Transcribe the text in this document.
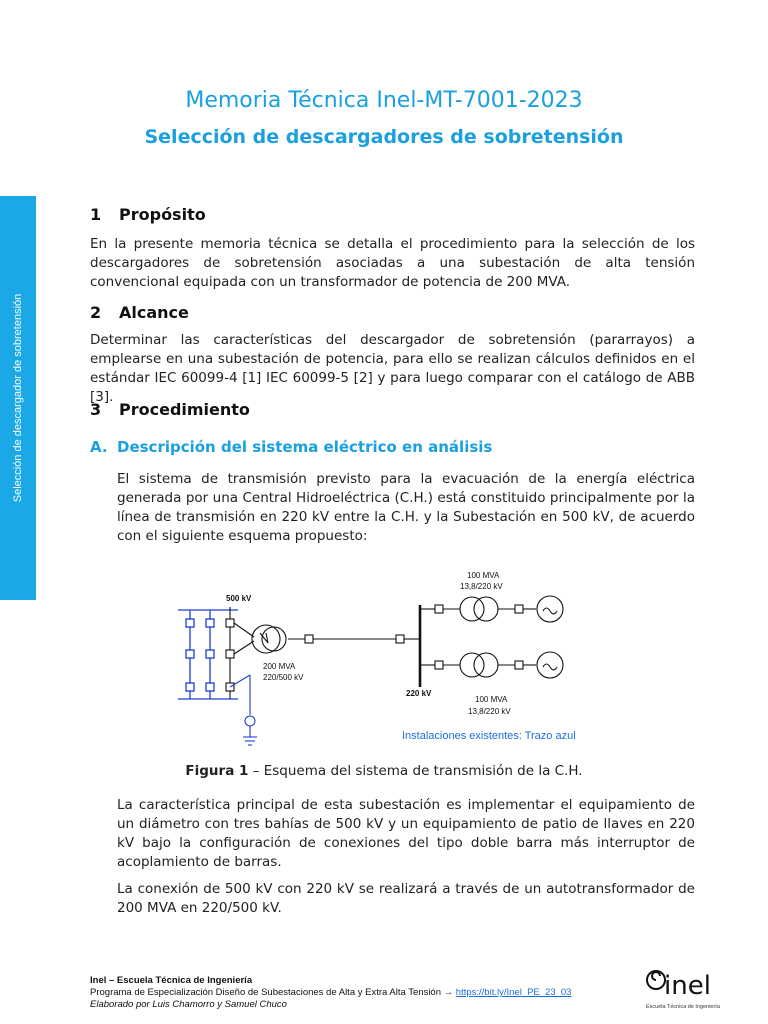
Selección de descargador de sobretensión
Memoria Técnica Inel-MT-7001-2023
Selección de descargadores de sobretensión
1 Propósito
En la presente memoria técnica se detalla el procedimiento para la selección de los descargadores de sobretensión asociadas a una subestación de alta tensión convencional equipada con un transformador de potencia de 200 MVA.
2 Alcance
Determinar las características del descargador de sobretensión (pararrayos) a emplearse en una subestación de potencia, para ello se realizan cálculos definidos en el estándar IEC 60099-4 [1] IEC 60099-5 [2] y para luego comparar con el catálogo de ABB [3].
3 Procedimiento
A. Descripción del sistema eléctrico en análisis
El sistema de transmisión previsto para la evacuación de la energía eléctrica generada por una Central Hidroeléctrica (C.H.) está constituido principalmente por la línea de transmisión en 220 kV entre la C.H. y la Subestación en 500 kV, de acuerdo con el siguiente esquema propuesto:
500 kV
200 MVA
220/500 kV
220 kV
100 MVA
13,8/220 kV
100 MVA
13,8/220 kV
Instalaciones existentes: Trazo azul
Figura 1 – Esquema del sistema de transmisión de la C.H.
La característica principal de esta subestación es implementar el equipamiento de un diámetro con tres bahías de 500 kV y un equipamiento de patio de llaves en 220 kV bajo la configuración de conexiones del tipo doble barra más interruptor de acoplamiento de barras.
La conexión de 500 kV con 220 kV se realizará a través de un autotransformador de 200 MVA en 220/500 kV.
Inel – Escuela Técnica de Ingeniería
Programa de Especialización Diseño de Subestaciones de Alta y Extra Alta Tensión → https://bit.ly/Inel_PE_23_03
Elaborado por Luis Chamorro y Samuel Chuco
inel
Escuela Técnica de Ingeniería
